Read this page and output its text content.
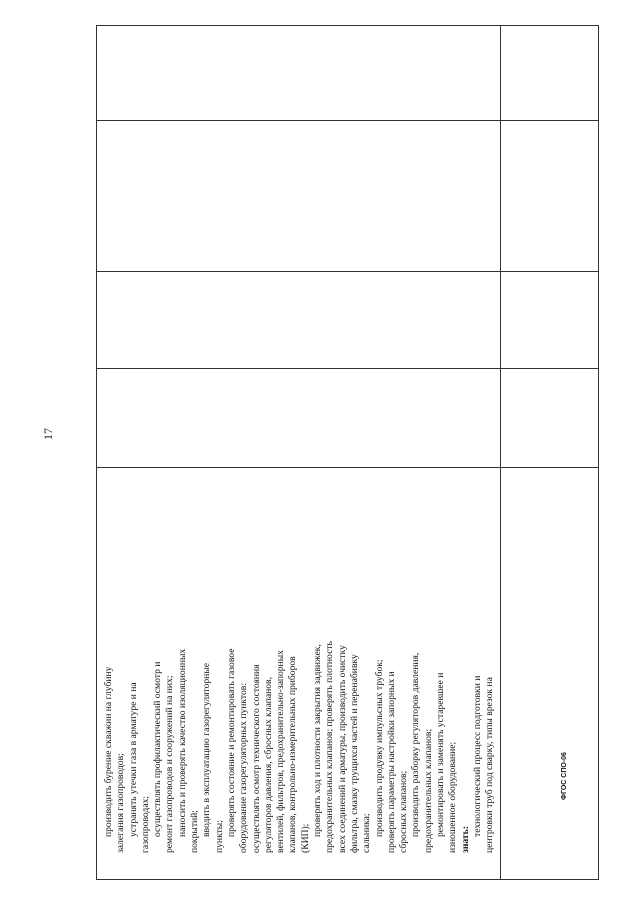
17
ФГОС СПО-06
производить бурение скважин на глубину залегания газопроводов; устранять утечки газа в арматуре и на газопроводах; осуществлять профилактический осмотр и ремонт газопроводов и сооружений на них; наносить и проверять качество изоляционных покрытий; вводить в эксплуатацию газорегуляторные пункты; проверять состояние и ремонтировать газовое оборудование газорегуляторных пунктов: осуществлять осмотр технического состояния регуляторов давления, сбросных клапанов, вентилей, фильтров, предохранительно-запорных клапанов, контрольно-измерительных приборов (КИП);
проверять ход и плотности закрытия задвижек, предохранительных клапанов; проверять плотность всех соединений и арматуры, производить очистку фильтра, смазку трущихся частей и перенабивку сальника; производить продувку импульсных трубок; проверять параметры настройки запорных и сбросных клапанов; производить разборку регуляторов давления, предохранительных клапанов; ремонтировать и заменять устаревшее и изношенное оборудование; знать:
технологический процесс подготовки и центровки труб под сварку, типы врезок на
